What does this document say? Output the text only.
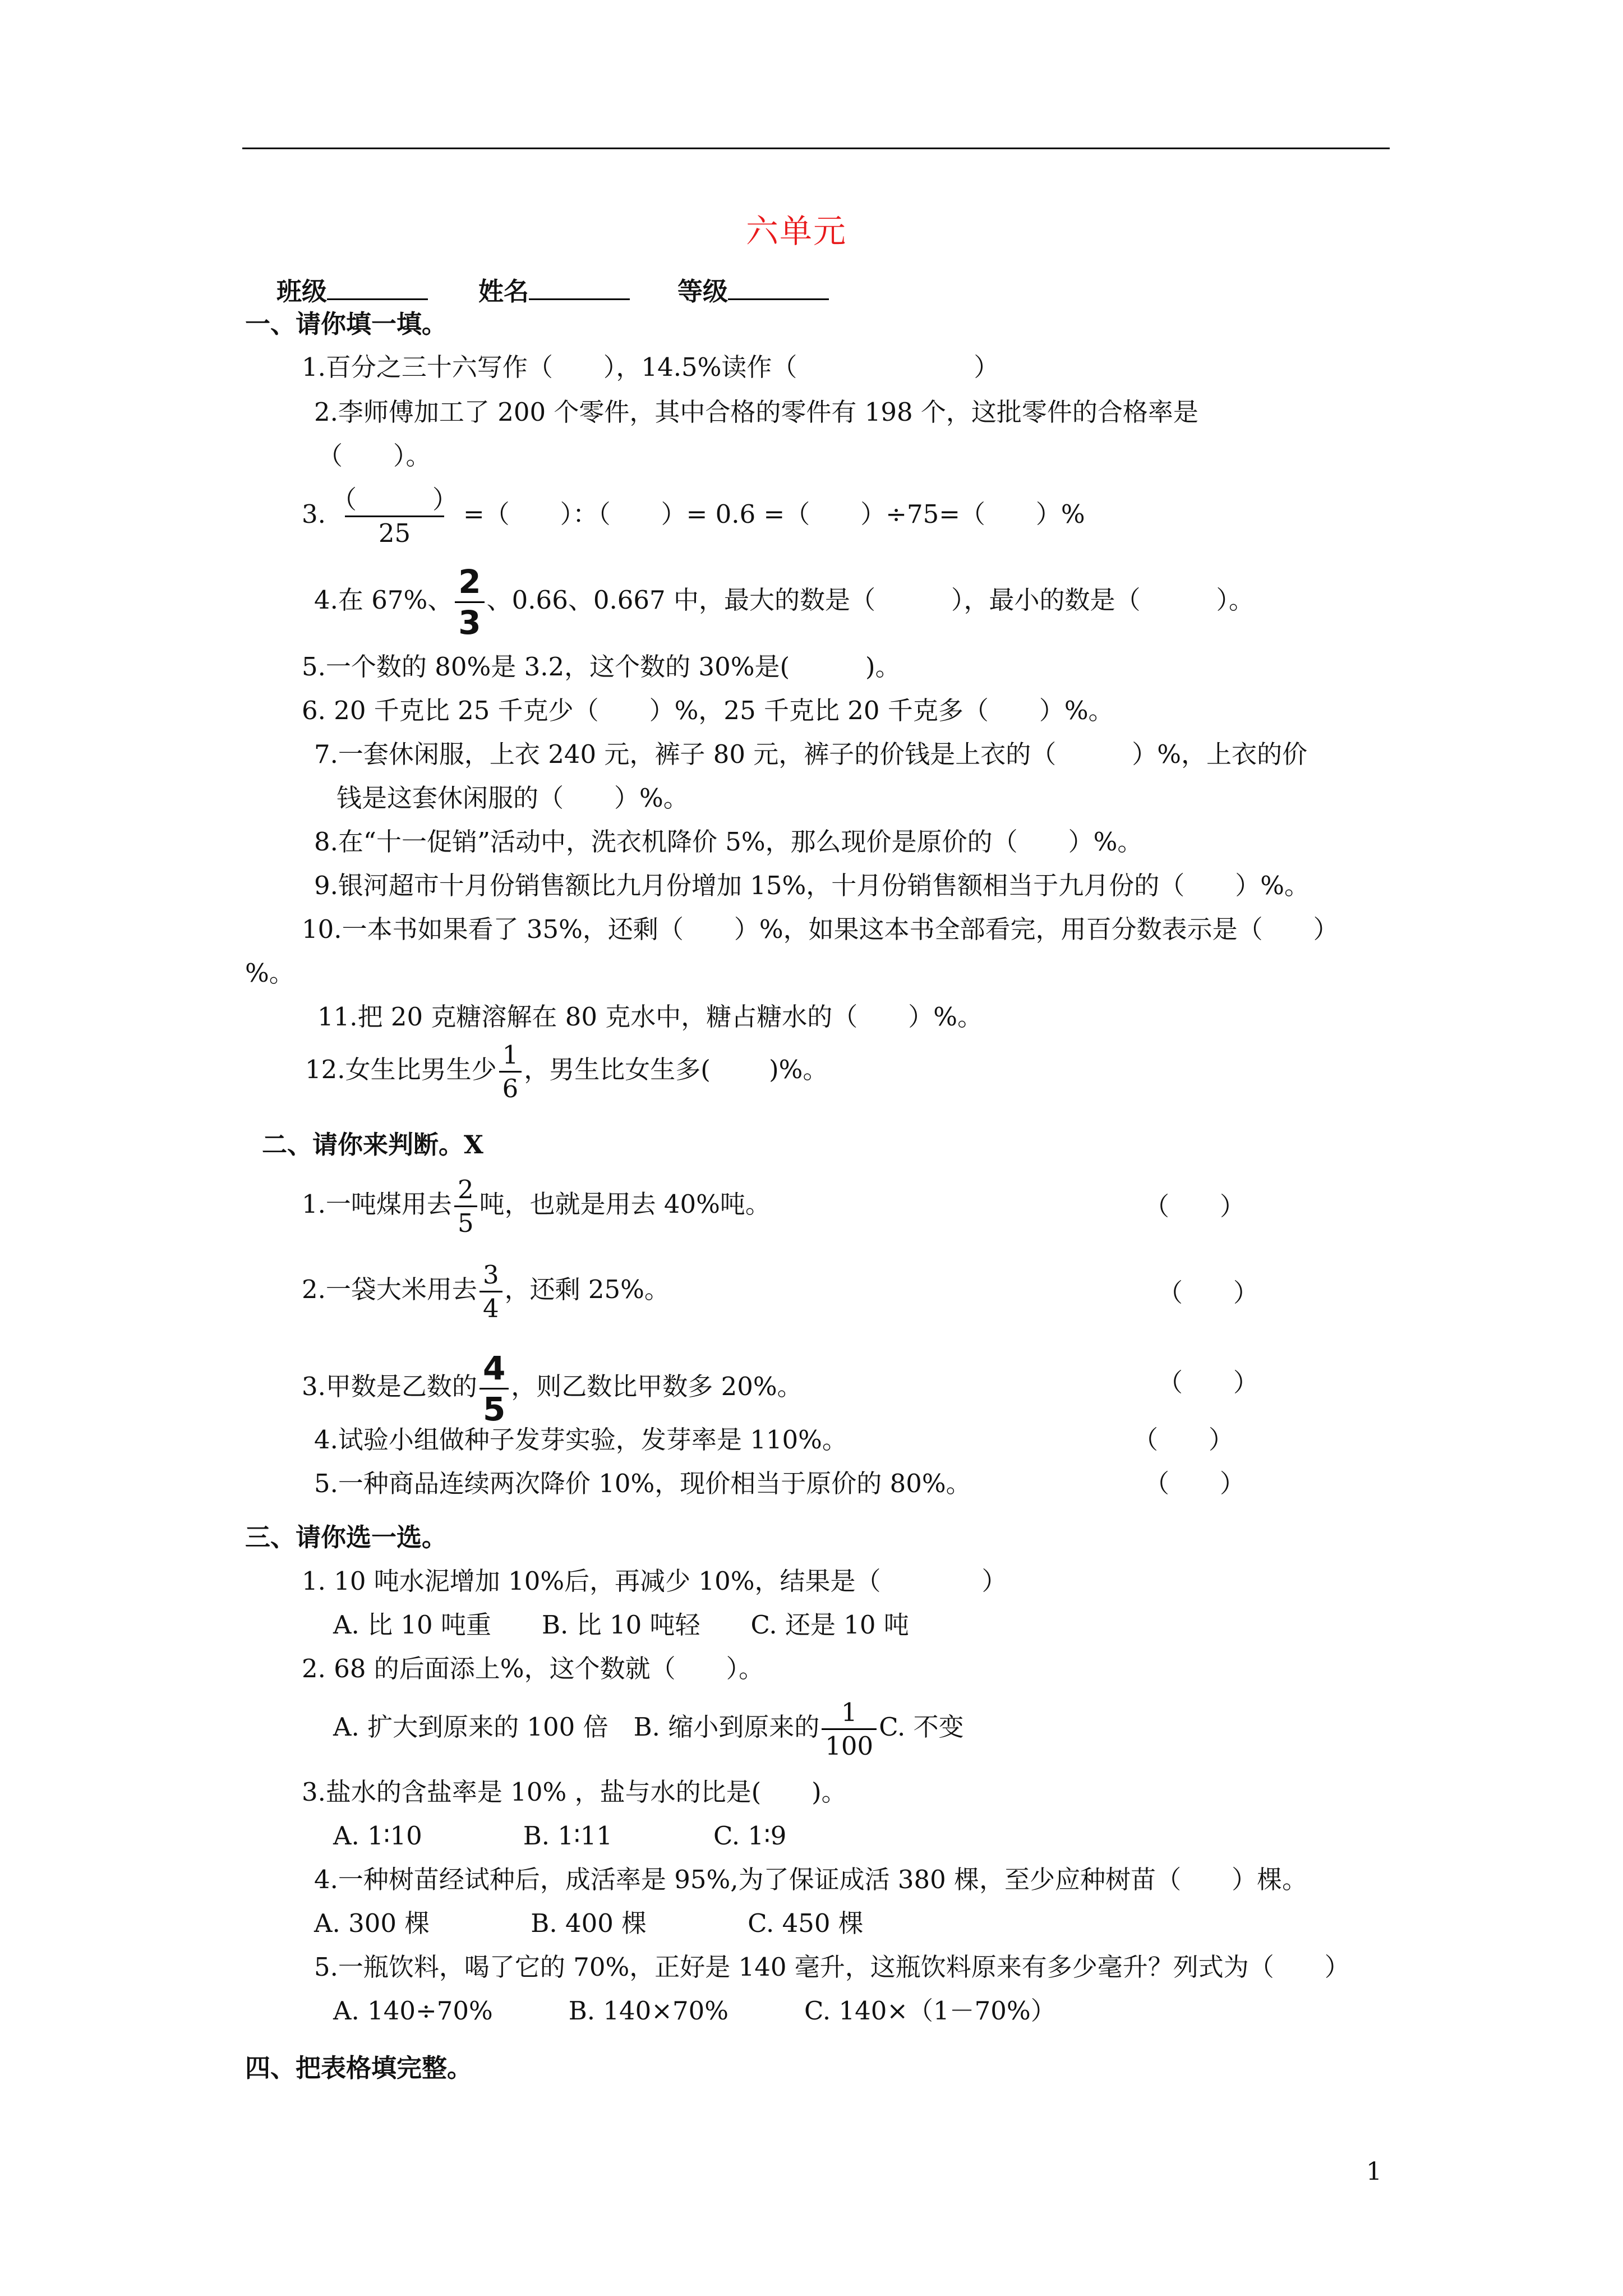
六单元
班级	姓名	等级
一、请你填一填。
1.百分之三十六写作（　　），14.5%读作（　　　　　　　）
2.李师傅加工了 200 个零件，其中合格的零件有 198 个，这批零件的合格率是
（　　）。
3. $\frac{( )}{25}$ =（　　）：（　　）= 0.6 =（　　）÷75=（　　）%
4.在 67%、 $\frac{2}{3}$ 、0.66、0.667 中，最大的数是（　　　），最小的数是（　　　）。
5.一个数的 80%是 3.2，这个数的 30%是(　　　)。
6. 20 千克比 25 千克少（　　）%，25 千克比 20 千克多（　　）%。
7.一套休闲服，上衣 240 元，裤子 80 元，裤子的价钱是上衣的（　　　）%，上衣的价
钱是这套休闲服的（　　）%。
8.在“十一促销”活动中，洗衣机降价 5%，那么现价是原价的（　　）%。
9.银河超市十月份销售额比九月份增加 15%，十月份销售额相当于九月份的（　　）%。
10.一本书如果看了 35%，还剩（　　）%，如果这本书全部看完，用百分数表示是（　　）
%。
11.把 20 克糖溶解在 80 克水中，糖占糖水的（　　）%。
12.女生比男生少 $\frac{1}{6}$ ，男生比女生多(　　 )%。
二、请你来判断。X
1.一吨煤用去 $\frac{2}{5}$ 吨，也就是用去 40%吨。	（　　）
2.一袋大米用去 $\frac{3}{4}$ ，还剩 25%。	（　　）
3.甲数是乙数的 $\frac{4}{5}$ ，则乙数比甲数多 20%。	（　　）
4.试验小组做种子发芽实验，发芽率是 110%。	（　　）
5.一种商品连续两次降价 10%，现价相当于原价的 80%。	（　　）
三、请你选一选。
1. 10 吨水泥增加 10%后，再减少 10%，结果是（　　　　）
A. 比 10 吨重　　B. 比 10 吨轻　　C. 还是 10 吨
2. 68 的后面添上%，这个数就（　　）。
A. 扩大到原来的 100 倍　B. 缩小到原来的 $\frac{1}{100} C$. 不变
3.盐水的含盐率是 10% ，盐与水的比是(　　)。
A. 1∶10　　　　B. 1∶11　　　　C. 1∶9
4.一种树苗经试种后，成活率是 95%,为了保证成活 380 棵，至少应种树苗（　　）棵。
A. 300 棵　　　　B. 400 棵　　　　C. 450 棵
5.一瓶饮料，喝了它的 70%，正好是 140 毫升，这瓶饮料原来有多少毫升？列式为（　　）
A. 140÷70%　　　B. 140×70%　　　C. 140×（1－70%）
四、把表格填完整。
1
